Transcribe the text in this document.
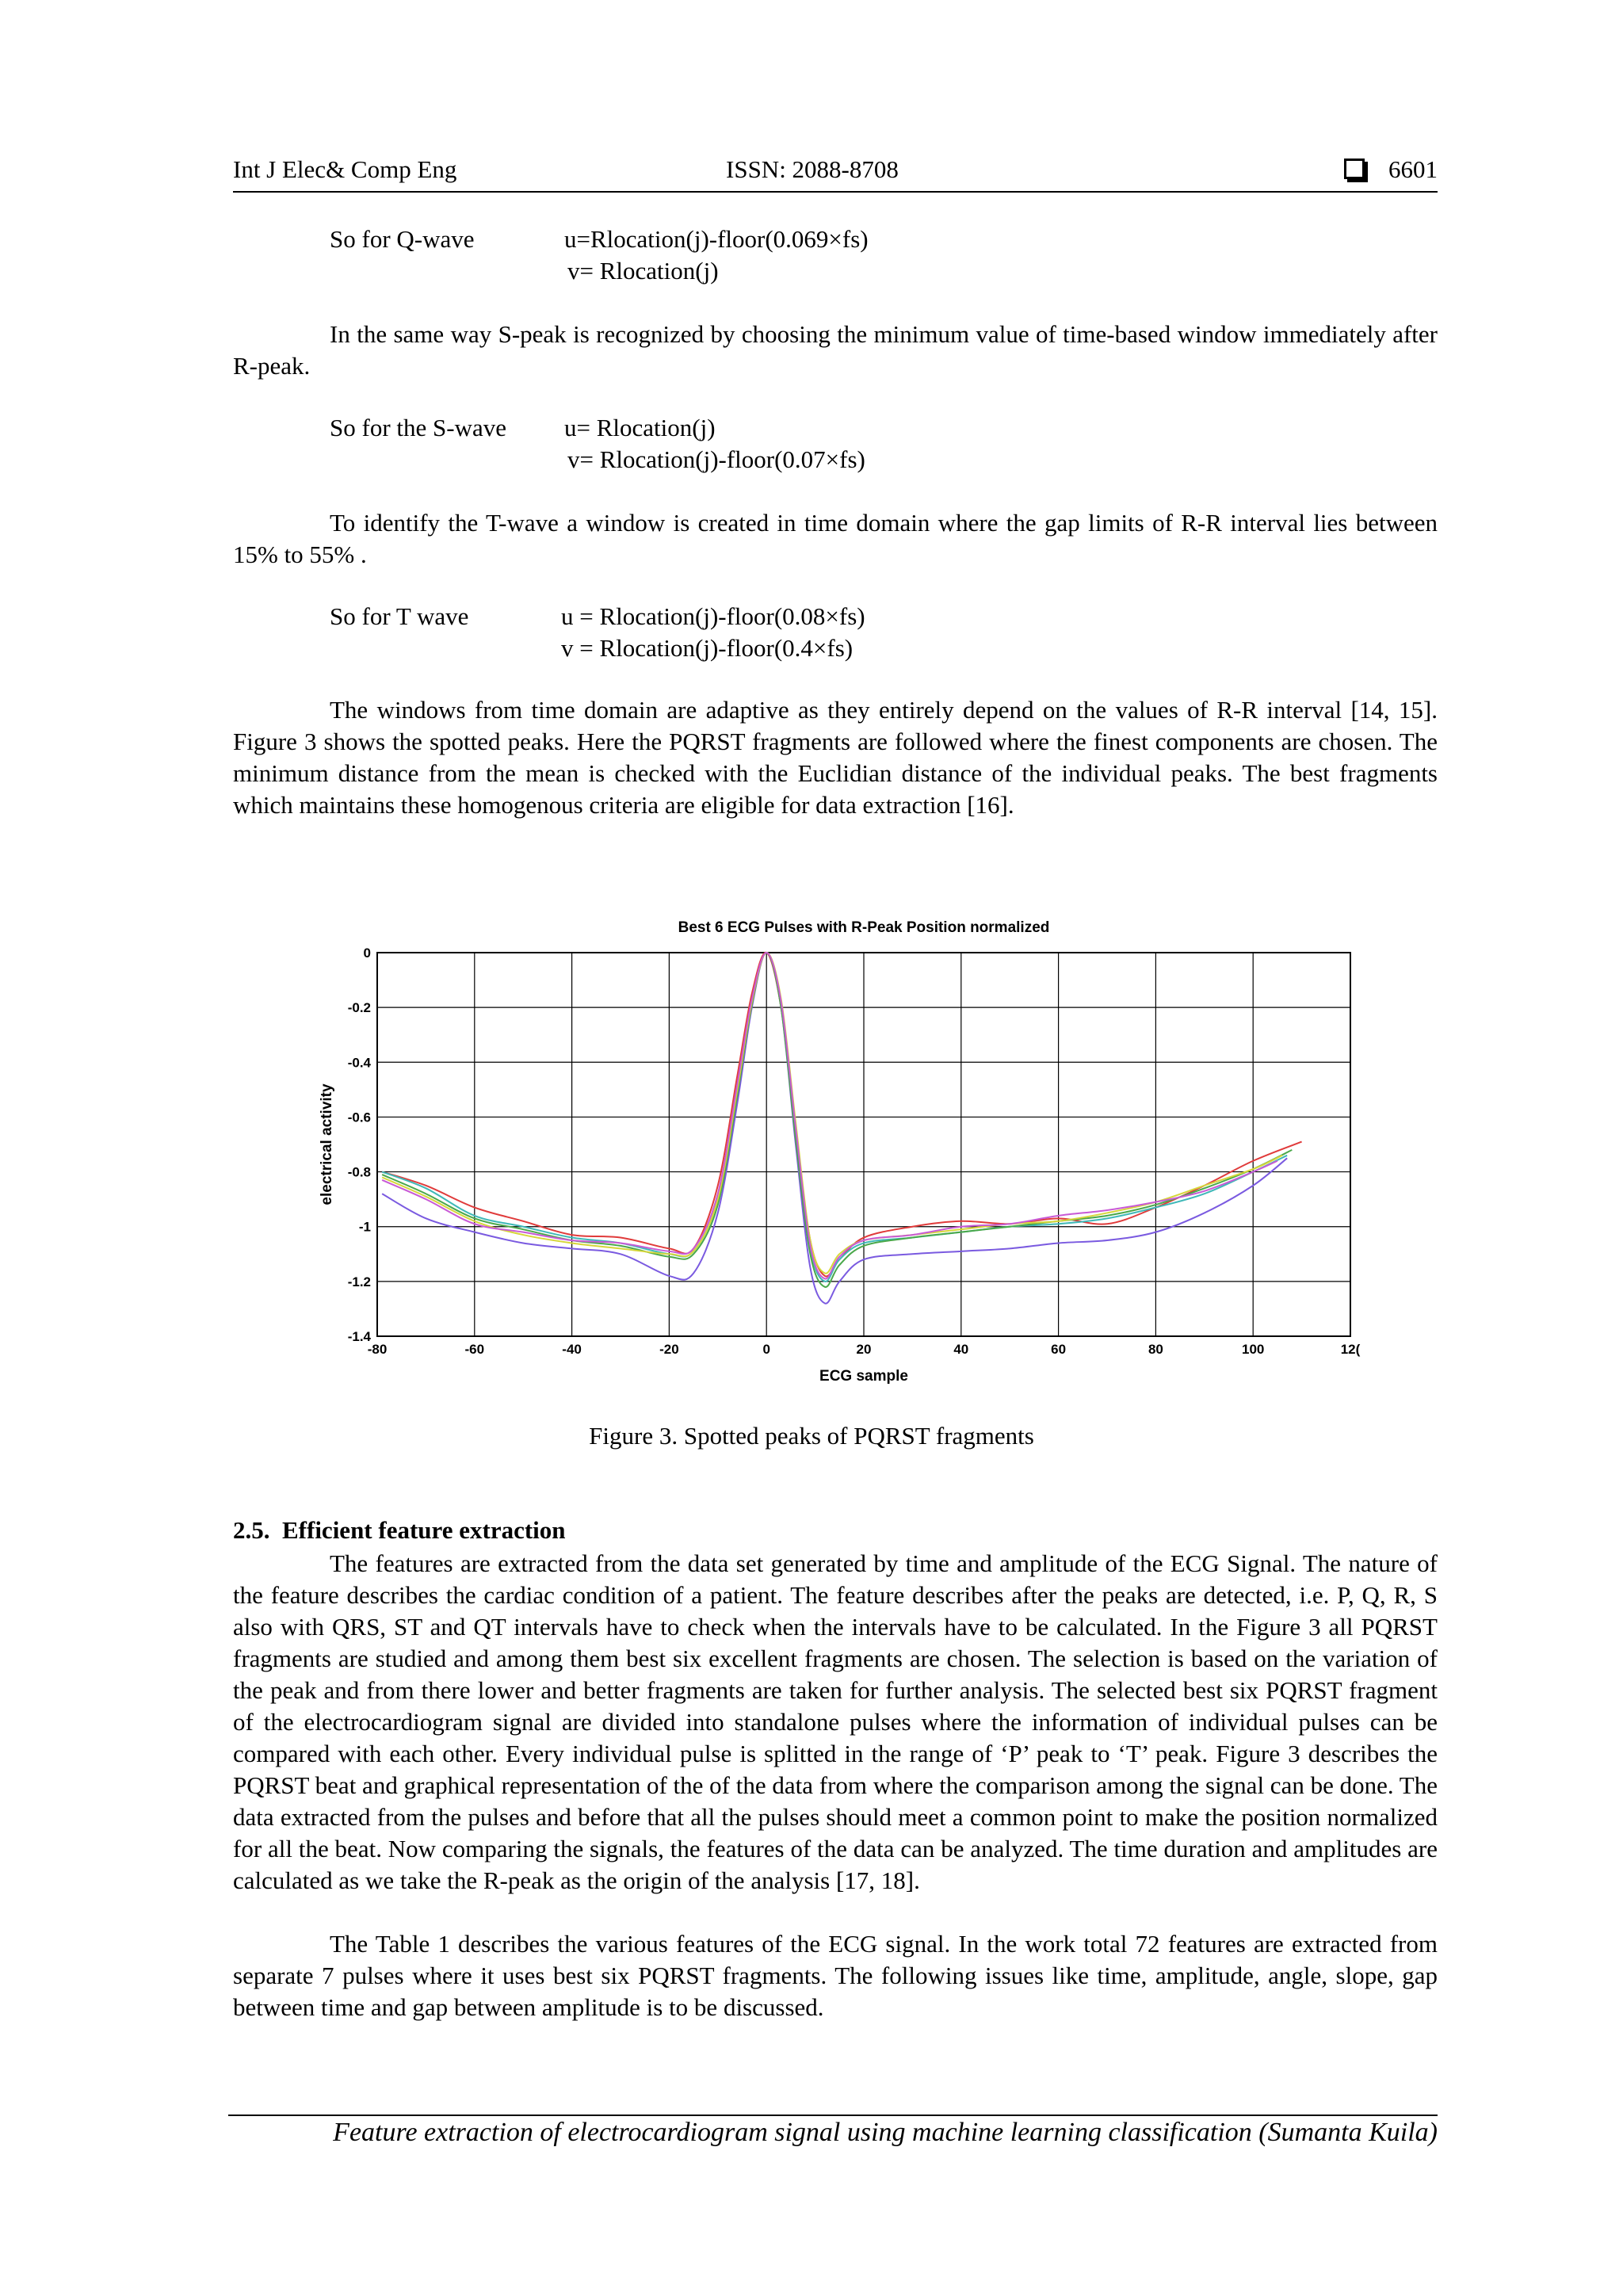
Int J Elec& Comp Eng	ISSN: 2088-8708	6601
So for Q-wave	u=Rlocation(j)-floor(0.069×fs)
v= Rlocation(j)
In the same way S-peak is recognized by choosing the minimum value of time-based window immediately after R-peak.
So for the S-wave u= Rlocation(j)
v= Rlocation(j)-floor(0.07×fs)
To identify the T-wave a window is created in time domain where the gap limits of R-R interval lies between 15% to 55% .
So for T wave	u = Rlocation(j)-floor(0.08×fs)
v = Rlocation(j)-floor(0.4×fs)
The windows from time domain are adaptive as they entirely depend on the values of R-R interval [14, 15]. Figure 3 shows the spotted peaks. Here the PQRST fragments are followed where the finest components are chosen. The minimum distance from the mean is checked with the Euclidian distance of the individual peaks. The best fragments which maintains these homogenous criteria are eligible for data extraction [16].
Best 6 ECG Pulses with R-Peak Position normalized
0
-0.2
-0.4
-0.6
-0.8
-1
-1.2
-1.4
-80	-60	-40	-20	0	20	40	60	80	100	12(
electrical activity
ECG sample
Figure 3. Spotted peaks of PQRST fragments
2.5. Efficient feature extraction
The features are extracted from the data set generated by time and amplitude of the ECG Signal. The nature of the feature describes the cardiac condition of a patient. The feature describes after the peaks are detected, i.e. P, Q, R, S also with QRS, ST and QT intervals have to check when the intervals have to be calculated. In the Figure 3 all PQRST fragments are studied and among them best six excellent fragments are chosen. The selection is based on the variation of the peak and from there lower and better fragments are taken for further analysis. The selected best six PQRST fragment of the electrocardiogram signal are divided into standalone pulses where the information of individual pulses can be compared with each other. Every individual pulse is splitted in the range of ‘P’ peak to ‘T’ peak. Figure 3 describes the PQRST beat and graphical representation of the of the data from where the comparison among the signal can be done. The data extracted from the pulses and before that all the pulses should meet a common point to make the position normalized for all the beat. Now comparing the signals, the features of the data can be analyzed. The time duration and amplitudes are calculated as we take the R-peak as the origin of the analysis [17, 18].
The Table 1 describes the various features of the ECG signal. In the work total 72 features are extracted from separate 7 pulses where it uses best six PQRST fragments. The following issues like time, amplitude, angle, slope, gap between time and gap between amplitude is to be discussed.
Feature extraction of electrocardiogram signal using machine learning classification (Sumanta Kuila)
